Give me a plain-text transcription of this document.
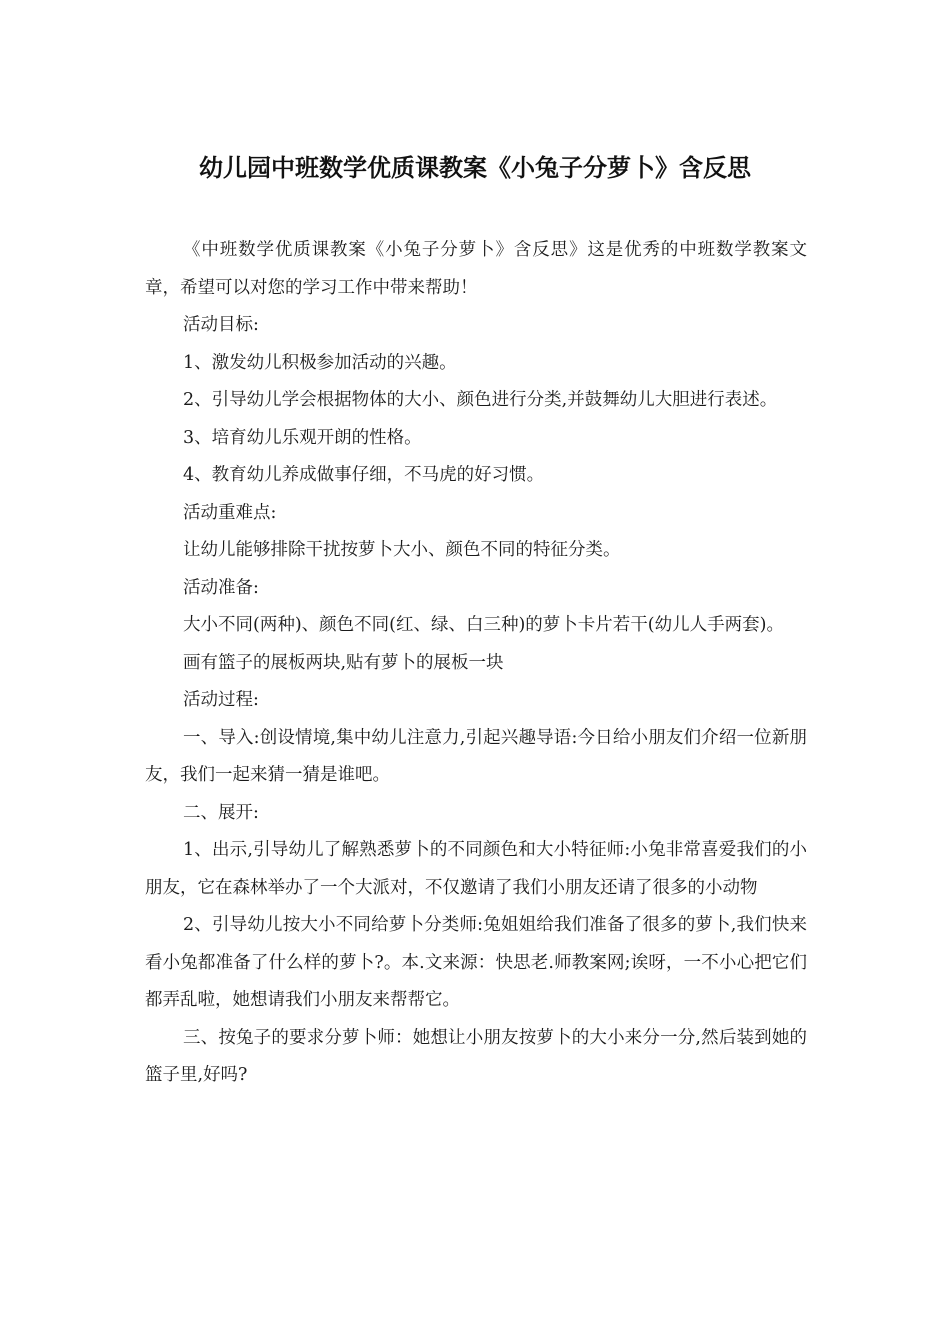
幼儿园中班数学优质课教案《小兔子分萝卜》含反思

《中班数学优质课教案《小兔子分萝卜》含反思》这是优秀的中班数学教案文章，希望可以对您的学习工作中带来帮助！

活动目标:

1、激发幼儿积极参加活动的兴趣。

2、引导幼儿学会根据物体的大小、颜色进行分类,并鼓舞幼儿大胆进行表述。

3、培育幼儿乐观开朗的性格。

4、教育幼儿养成做事仔细，不马虎的好习惯。

活动重难点:

让幼儿能够排除干扰按萝卜大小、颜色不同的特征分类。

活动准备:

大小不同(两种)、颜色不同(红、绿、白三种)的萝卜卡片若干(幼儿人手两套)。

画有篮子的展板两块,贴有萝卜的展板一块

活动过程:

一、导入:创设情境,集中幼儿注意力,引起兴趣导语:今日给小朋友们介绍一位新朋友，我们一起来猜一猜是谁吧。

二、展开:

1、出示,引导幼儿了解熟悉萝卜的不同颜色和大小特征师:小兔非常喜爱我们的小朋友，它在森林举办了一个大派对，不仅邀请了我们小朋友还请了很多的小动物

2、引导幼儿按大小不同给萝卜分类师:兔姐姐给我们准备了很多的萝卜,我们快来看小兔都准备了什么样的萝卜?。本.文来源：快思老.师教案网;诶呀，一不小心把它们都弄乱啦，她想请我们小朋友来帮帮它。

三、按兔子的要求分萝卜师：她想让小朋友按萝卜的大小来分一分,然后装到她的篮子里,好吗?
